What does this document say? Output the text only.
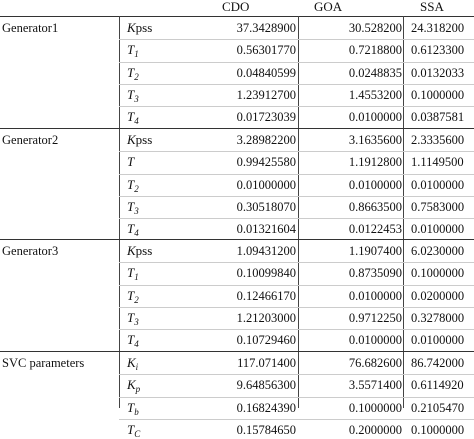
CDO	GOA	SSA
Generator1	Kpss	37.3428900	30.528200 24.318200
$T_1$	0.56301770	0.7218800 0.6123300
$T_2$	0.04840599	0.0248835 0.0132033
$T_3$	1.23912700	1.4553200 0.1000000
$T_4$	0.01723039	0.0100000 0.0387581
Generator2	Kpss	3.28982200	3.1635600 2.3335600
T	0.99425580	1.1912800 1.1149500
$T_2$	0.01000000	0.0100000 0.0100000
$T_3$	0.30518070	0.8663500 0.7583000
$T_4$	0.01321604	0.0122453 0.0100000
Generator3	Kpss	1.09431200	1.1907400 6.0230000
$T_1$	0.10099840	0.8735090 0.1000000
$T_2$	0.12466170	0.0100000 0.0200000
$T_3$	1.21203000	0.9712250 0.3278000
$T_4$	0.10729460	0.0100000 0.0100000
SVC parameters	$K_i$	117.071400	76.682600 86.742000
$K_p$	9.64856300	3.5571400 0.6114920
$T_b$	0.16824390	0.1000000 0.2105470
$T_C$	0.15784650	0.2000000 0.1000000
